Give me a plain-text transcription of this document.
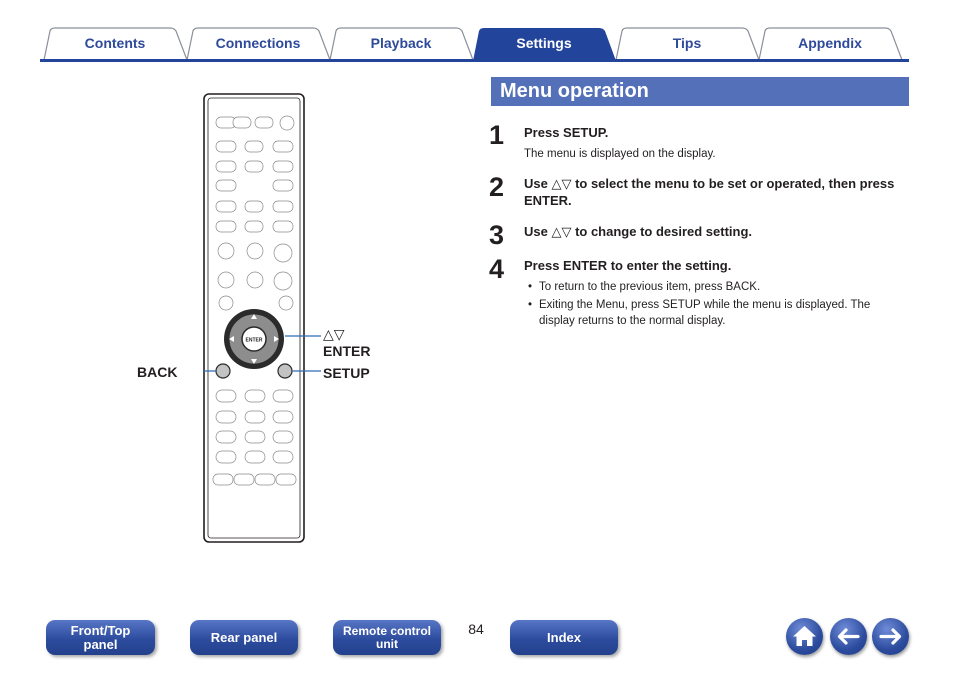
Contents	Connections	Playback	Settings	Tips	Appendix
ENTER	△▽
ENTER
SETUP
BACK
Menu operation
1 Press SETUP.
The menu is displayed on the display.
2 Use △▽ to select the menu to be set or operated, then press ENTER.
3 Use △▽ to change to desired setting.
4 Press ENTER to enter the setting.
• To return to the previous item, press BACK.
• Exiting the Menu, press SETUP while the menu is displayed. The display returns to the normal display.
Front/Top
panel	Rear panel	Remote control
unit
84
Index
